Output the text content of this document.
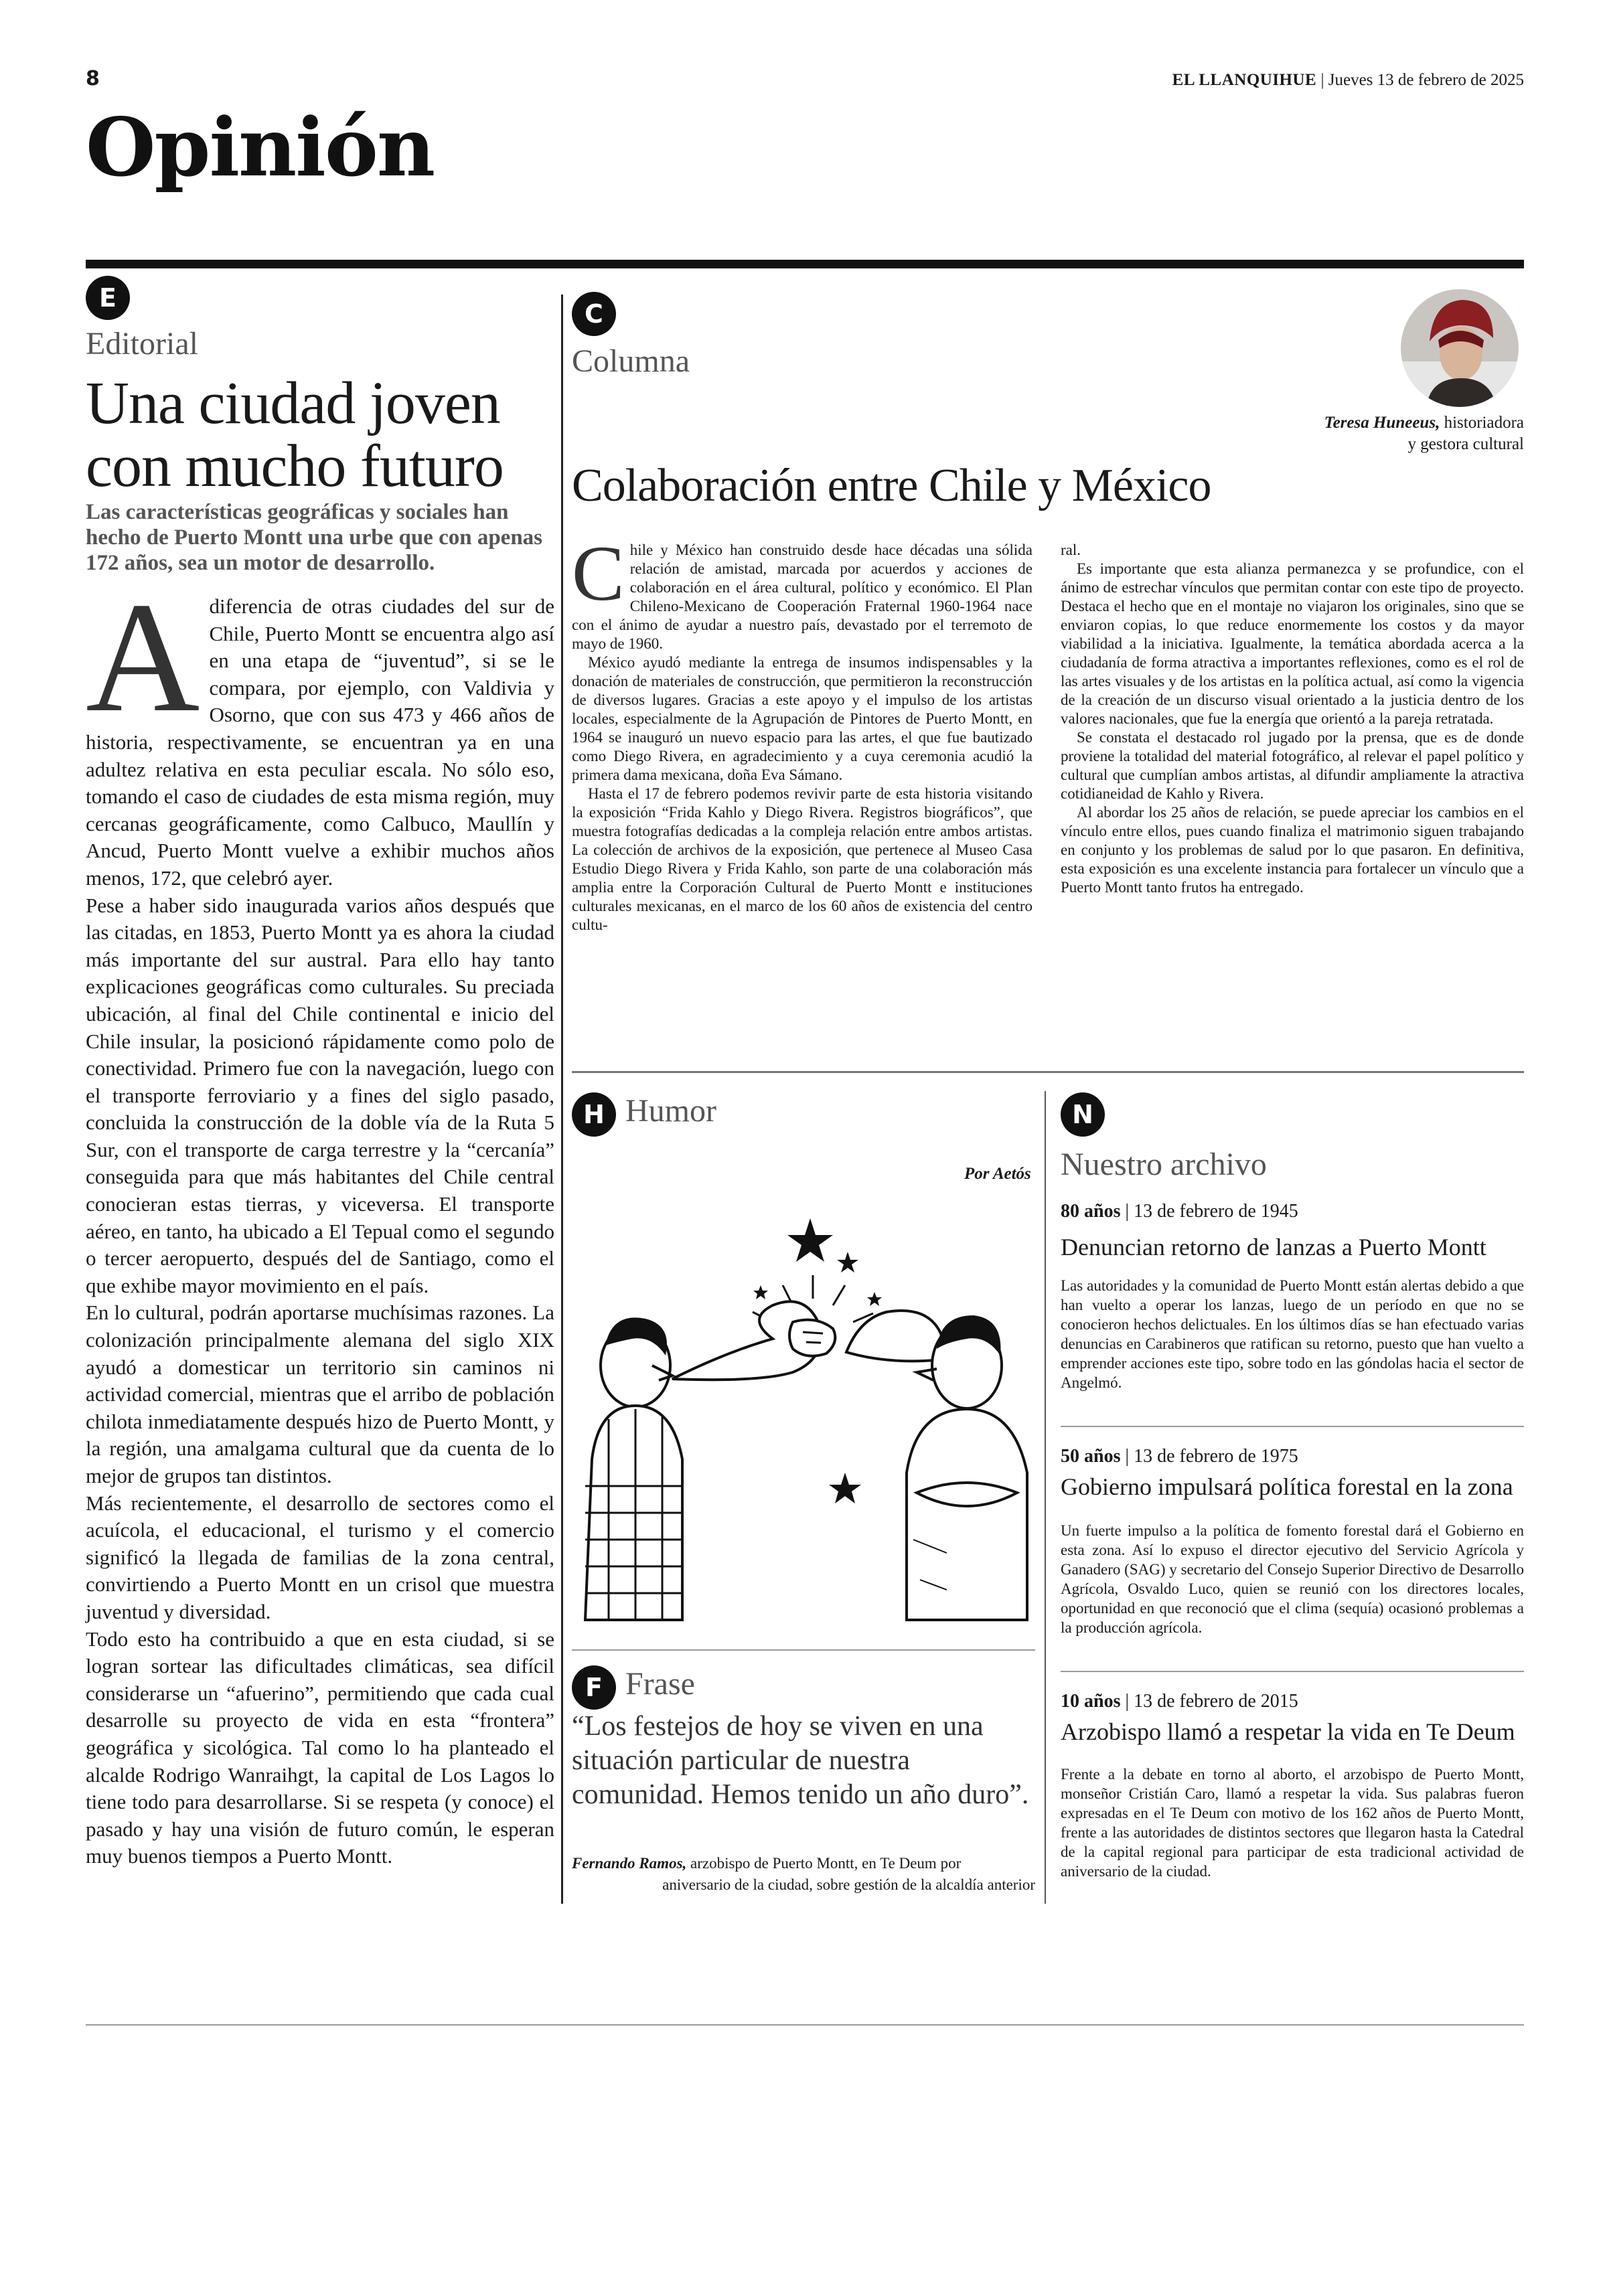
8	EL LLANQUIHUE | Jueves 13 de febrero de 2025
Opinión
E
Editorial
Una ciudad joven
con mucho futuro
Las características geográficas y sociales han hecho de Puerto Montt una urbe que con apenas 172 años, sea un motor de desarrollo.

Adiferencia de otras ciudades del sur de Chile, Puerto Montt se encuentra algo así en una etapa de “juventud”, si se le compara, por ejemplo, con Valdivia y Osorno, que con sus 473 y 466 años de historia, respectivamente, se encuentran ya en una adultez relativa en esta peculiar escala. No sólo eso, tomando el caso de ciudades de esta misma región, muy cercanas geográficamente, como Calbuco, Maullín y Ancud, Puerto Montt vuelve a exhibir muchos años menos, 172, que celebró ayer.

Pese a haber sido inaugurada varios años después que las citadas, en 1853, Puerto Montt ya es ahora la ciudad más importante del sur austral. Para ello hay tanto explicaciones geográficas como culturales. Su preciada ubicación, al final del Chile continental e inicio del Chile insular, la posicionó rápidamente como polo de conectividad. Primero fue con la navegación, luego con el transporte ferroviario y a fines del siglo pasado, concluida la construcción de la doble vía de la Ruta 5 Sur, con el transporte de carga terrestre y la “cercanía” conseguida para que más habitantes del Chile central conocieran estas tierras, y viceversa. El transporte aéreo, en tanto, ha ubicado a El Tepual como el segundo o tercer aeropuerto, después del de Santiago, como el que exhibe mayor movimiento en el país.

En lo cultural, podrán aportarse muchísimas razones. La colonización principalmente alemana del siglo XIX ayudó a domesticar un territorio sin caminos ni actividad comercial, mientras que el arribo de población chilota inmediatamente después hizo de Puerto Montt, y la región, una amalgama cultural que da cuenta de lo mejor de grupos tan distintos.

Más recientemente, el desarrollo de sectores como el acuícola, el educacional, el turismo y el comercio significó la llegada de familias de la zona central, convirtiendo a Puerto Montt en un crisol que muestra juventud y diversidad.

Todo esto ha contribuido a que en esta ciudad, si se logran sortear las dificultades climáticas, sea difícil considerarse un “afuerino”, permitiendo que cada cual desarrolle su proyecto de vida en esta “frontera” geográfica y sicológica. Tal como lo ha planteado el alcalde Rodrigo Wanraihgt, la capital de Los Lagos lo tiene todo para desarrollarse. Si se respeta (y conoce) el pasado y hay una visión de futuro común, le esperan muy buenos tiempos a Puerto Montt.

C
Columna
Teresa Huneeus, historiadora
y gestora cultural
Colaboración entre Chile y México

Chile y México han construido desde hace décadas una sólida relación de amistad, marcada por acuerdos y acciones de colaboración en el área cultural, político y económico. El Plan Chileno-Mexicano de Cooperación Fraternal 1960-1964 nace con el ánimo de ayudar a nuestro país, devastado por el terremoto de mayo de 1960.

México ayudó mediante la entrega de insumos indispensables y la donación de materiales de construcción, que permitieron la reconstrucción de diversos lugares. Gracias a este apoyo y el impulso de los artistas locales, especialmente de la Agrupación de Pintores de Puerto Montt, en 1964 se inauguró un nuevo espacio para las artes, el que fue bautizado como Diego Rivera, en agradecimiento y a cuya ceremonia acudió la primera dama mexicana, doña Eva Sámano.

Hasta el 17 de febrero podemos revivir parte de esta historia visitando la exposición “Frida Kahlo y Diego Rivera. Registros biográficos”, que muestra fotografías dedicadas a la compleja relación entre ambos artistas. La colección de archivos de la exposición, que pertenece al Museo Casa Estudio Diego Rivera y Frida Kahlo, son parte de una colaboración más amplia entre la Corporación Cultural de Puerto Montt e instituciones culturales mexicanas, en el marco de los 60 años de existencia del centro cultu-

ral.

Es importante que esta alianza permanezca y se profundice, con el ánimo de estrechar vínculos que permitan contar con este tipo de proyecto. Destaca el hecho que en el montaje no viajaron los originales, sino que se enviaron copias, lo que reduce enormemente los costos y da mayor viabilidad a la iniciativa. Igualmente, la temática abordada acerca a la ciudadanía de forma atractiva a importantes reflexiones, como es el rol de las artes visuales y de los artistas en la política actual, así como la vigencia de la creación de un discurso visual orientado a la justicia dentro de los valores nacionales, que fue la energía que orientó a la pareja retratada.

Se constata el destacado rol jugado por la prensa, que es de donde proviene la totalidad del material fotográfico, al relevar el papel político y cultural que cumplían ambos artistas, al difundir ampliamente la atractiva cotidianeidad de Kahlo y Rivera.

Al abordar los 25 años de relación, se puede apreciar los cambios en el vínculo entre ellos, pues cuando finaliza el matrimonio siguen trabajando en conjunto y los problemas de salud por lo que pasaron. En definitiva, esta exposición es una excelente instancia para fortalecer un vínculo que a Puerto Montt tanto frutos ha entregado.

H Humor
Por Aetós
F Frase
“Los festejos de hoy se viven en una situación particular de nuestra comunidad. Hemos tenido un año duro”.
Fernando Ramos, arzobispo de Puerto Montt, en Te Deum por
aniversario de la ciudad, sobre gestión de la alcaldía anterior
N
Nuestro archivo
80 años | 13 de febrero de 1945
Denuncian retorno de lanzas a Puerto Montt
Las autoridades y la comunidad de Puerto Montt están alertas debido a que han vuelto a operar los lanzas, luego de un período en que no se conocieron hechos delictuales. En los últimos días se han efectuado varias denuncias en Carabineros que ratifican su retorno, puesto que han vuelto a emprender acciones este tipo, sobre todo en las góndolas hacia el sector de Angelmó.
50 años | 13 de febrero de 1975
Gobierno impulsará política forestal en la zona
Un fuerte impulso a la política de fomento forestal dará el Gobierno en esta zona. Así lo expuso el director ejecutivo del Servicio Agrícola y Ganadero (SAG) y secretario del Consejo Superior Directivo de Desarrollo Agrícola, Osvaldo Luco, quien se reunió con los directores locales, oportunidad en que reconoció que el clima (sequía) ocasionó problemas a la producción agrícola.
10 años | 13 de febrero de 2015
Arzobispo llamó a respetar la vida en Te Deum
Frente a la debate en torno al aborto, el arzobispo de Puerto Montt, monseñor Cristián Caro, llamó a respetar la vida. Sus palabras fueron expresadas en el Te Deum con motivo de los 162 años de Puerto Montt, frente a las autoridades de distintos sectores que llegaron hasta la Catedral de la capital regional para participar de esta tradicional actividad de aniversario de la ciudad.
